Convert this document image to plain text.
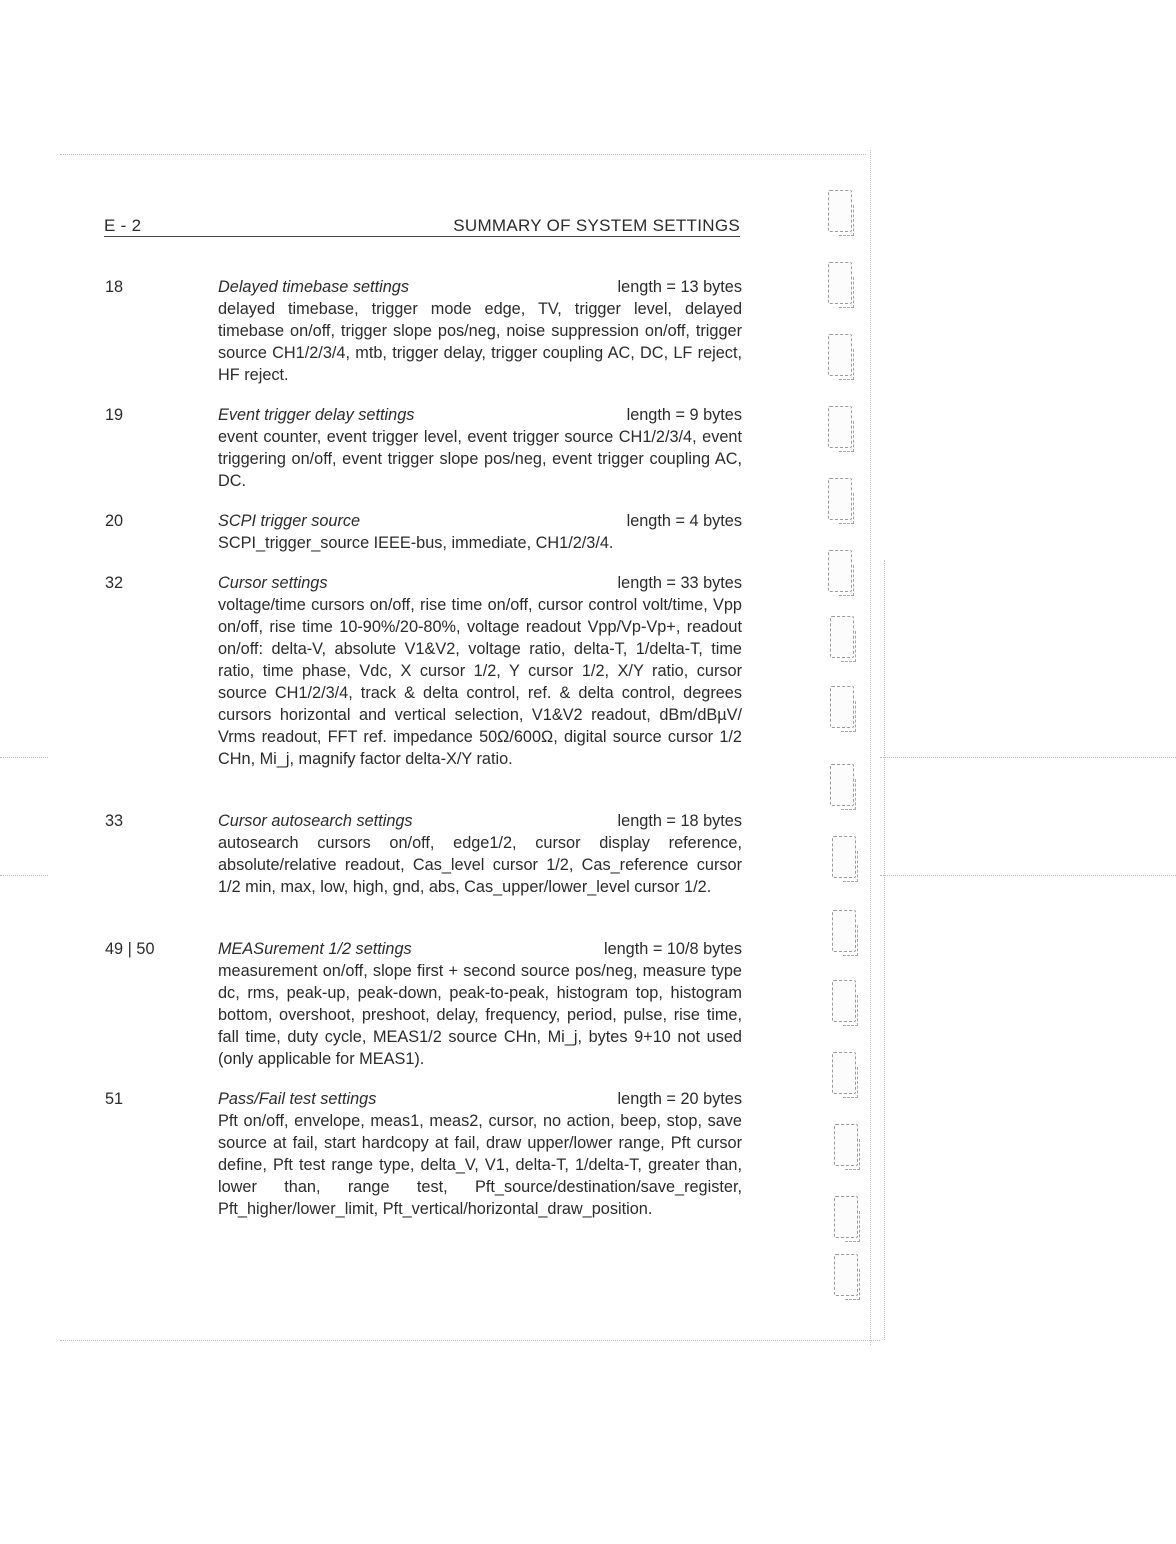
E - 2	SUMMARY OF SYSTEM SETTINGS
18	Delayed timebase settings	length = 13 bytes
delayed timebase, trigger mode edge, TV, trigger level, delayed timebase on/off, trigger slope pos/neg, noise suppression on/off, trigger source CH1/2/3/4, mtb, trigger delay, trigger coupling AC, DC, LF reject, HF reject.
19	Event trigger delay settings	length = 9 bytes
event counter, event trigger level, event trigger source CH1/2/3/4, event triggering on/off, event trigger slope pos/neg, event trigger coupling AC, DC.
20	SCPI trigger source	length = 4 bytes
SCPI_trigger_source IEEE-bus, immediate, CH1/2/3/4.
32	Cursor settings	length = 33 bytes
voltage/time cursors on/off, rise time on/off, cursor control volt/time, Vpp on/off, rise time 10-90%/20-80%, voltage readout Vpp/Vp-Vp+, readout on/off: delta-V, absolute V1&V2, voltage ratio, delta-T, 1/delta-T, time ratio, time phase, Vdc, X cursor 1/2, Y cursor 1/2, X/Y ratio, cursor source CH1/2/3/4, track & delta control, ref. & delta control, degrees cursors horizontal and vertical selection, V1&V2 readout, dBm/dBµV/ Vrms readout, FFT ref. impedance 50Ω/600Ω, digital source cursor 1/2 CHn, Mi_j, magnify factor delta-X/Y ratio.
33	Cursor autosearch settings	length = 18 bytes
autosearch cursors on/off, edge1/2, cursor display reference, absolute/relative readout, Cas_level cursor 1/2, Cas_reference cursor 1/2 min, max, low, high, gnd, abs, Cas_upper/lower_level cursor 1/2.
49 | 50	MEASurement 1/2 settings	length = 10/8 bytes
measurement on/off, slope first + second source pos/neg, measure type dc, rms, peak-up, peak-down, peak-to-peak, histogram top, histogram bottom, overshoot, preshoot, delay, frequency, period, pulse, rise time, fall time, duty cycle, MEAS1/2 source CHn, Mi_j, bytes 9+10 not used (only applicable for MEAS1).
51	Pass/Fail test settings	length = 20 bytes
Pft on/off, envelope, meas1, meas2, cursor, no action, beep, stop, save source at fail, start hardcopy at fail, draw upper/lower range, Pft cursor define, Pft test range type, delta_V, V1, delta-T, 1/delta-T, greater than, lower than, range test, Pft_source/destination/save_register, Pft_higher/lower_limit, Pft_vertical/horizontal_draw_position.
